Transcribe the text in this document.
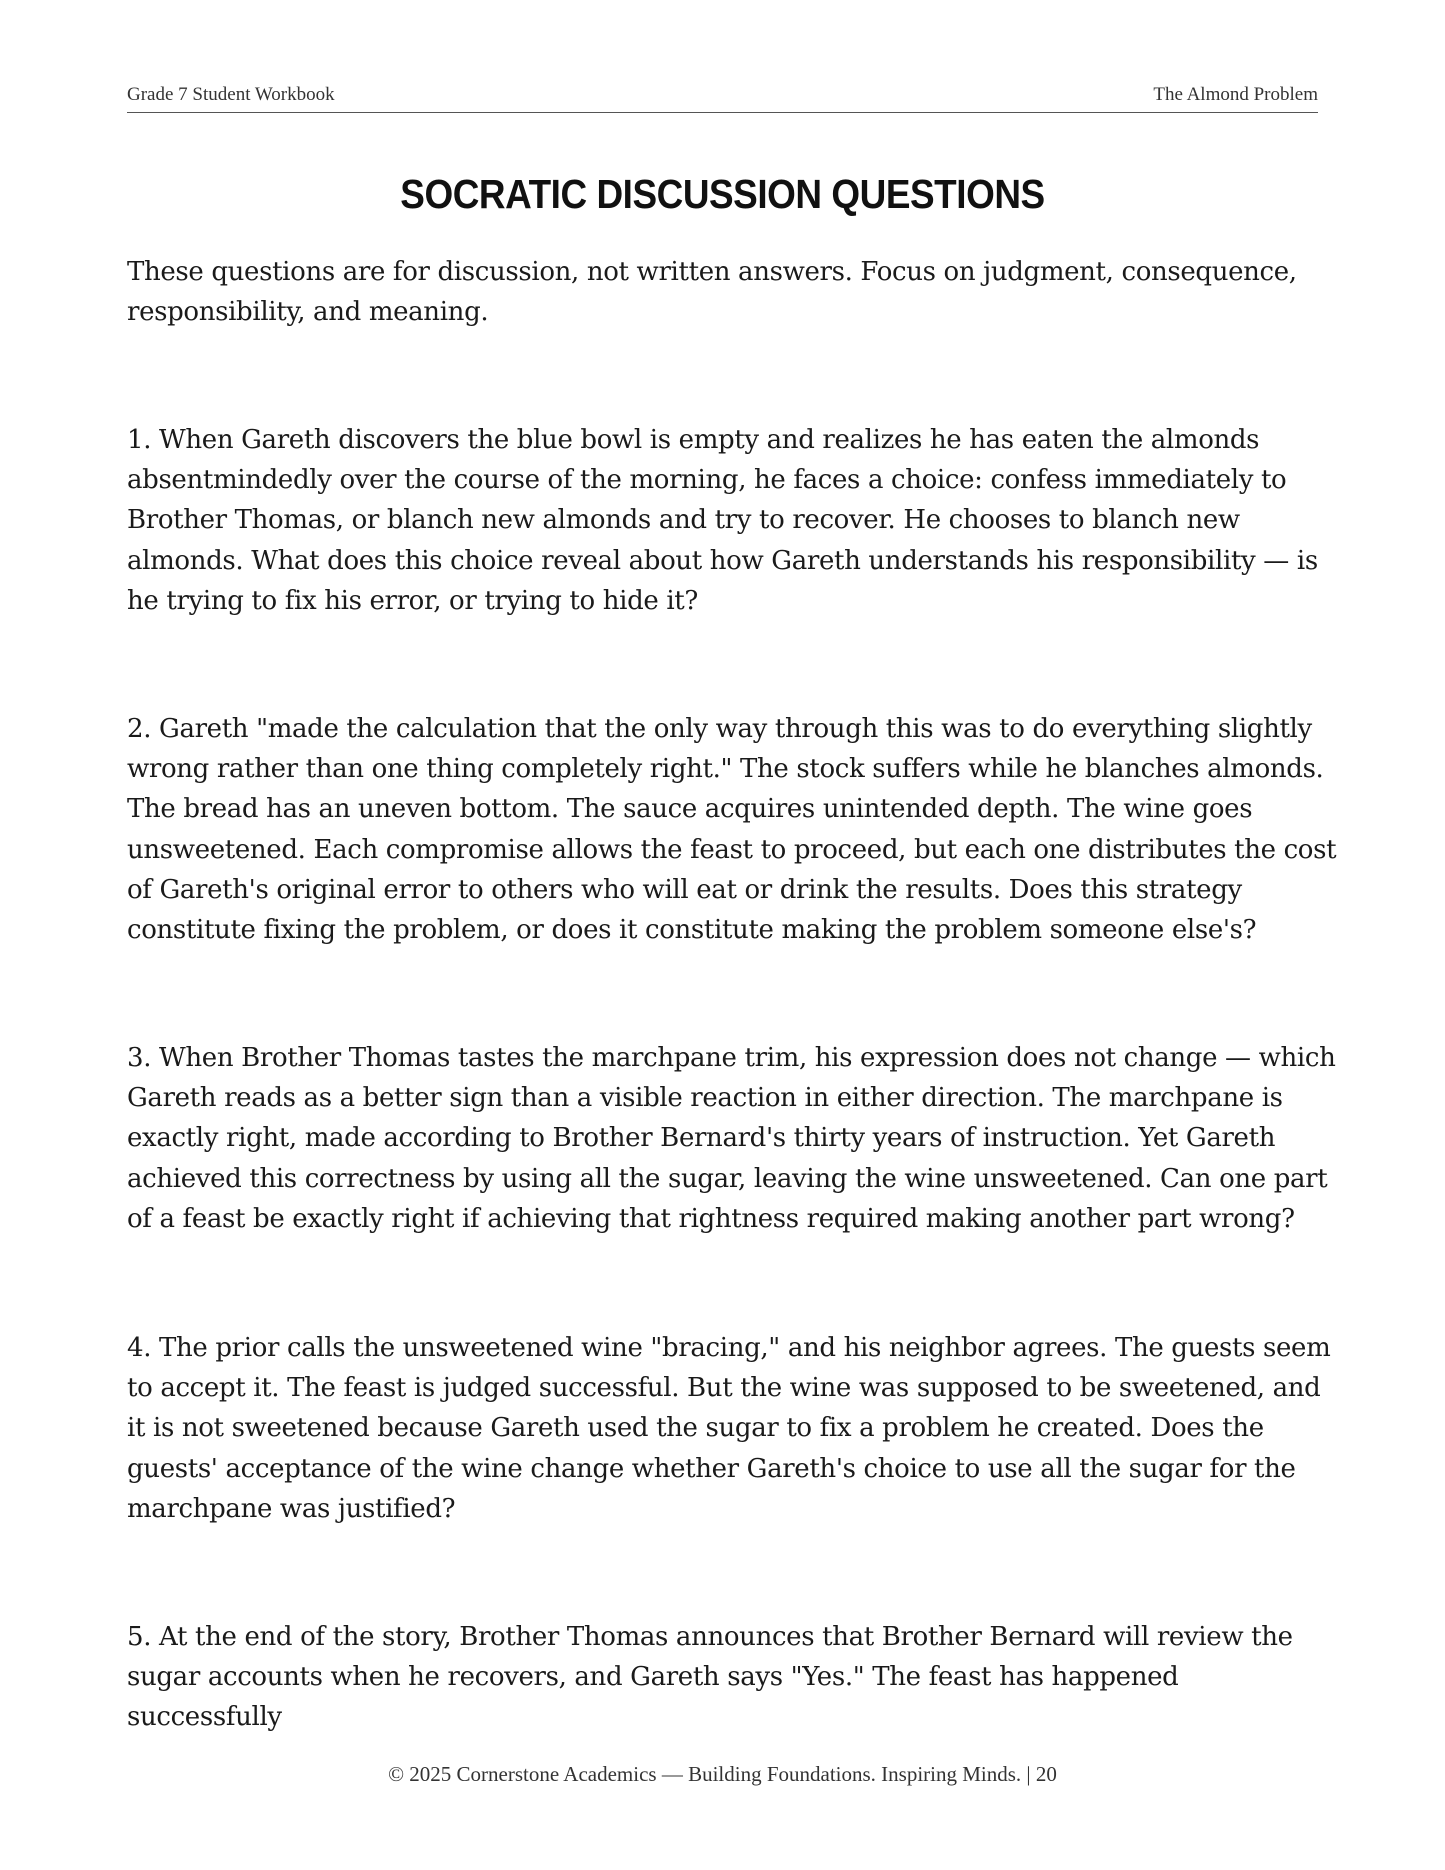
Grade 7 Student Workbook	The Almond Problem
SOCRATIC DISCUSSION QUESTIONS

These questions are for discussion, not written answers. Focus on judgment, consequence, responsibility, and meaning.

1. When Gareth discovers the blue bowl is empty and realizes he has eaten the almonds absentmindedly over the course of the morning, he faces a choice: confess immediately to Brother Thomas, or blanch new almonds and try to recover. He chooses to blanch new almonds. What does this choice reveal about how Gareth understands his responsibility — is he trying to fix his error, or trying to hide it?

2. Gareth "made the calculation that the only way through this was to do everything slightly wrong rather than one thing completely right." The stock suffers while he blanches almonds. The bread has an uneven bottom. The sauce acquires unintended depth. The wine goes unsweetened. Each compromise allows the feast to proceed, but each one distributes the cost of Gareth's original error to others who will eat or drink the results. Does this strategy constitute fixing the problem, or does it constitute making the problem someone else's?

3. When Brother Thomas tastes the marchpane trim, his expression does not change — which Gareth reads as a better sign than a visible reaction in either direction. The marchpane is exactly right, made according to Brother Bernard's thirty years of instruction. Yet Gareth achieved this correctness by using all the sugar, leaving the wine unsweetened. Can one part of a feast be exactly right if achieving that rightness required making another part wrong?

4. The prior calls the unsweetened wine "bracing," and his neighbor agrees. The guests seem to accept it. The feast is judged successful. But the wine was supposed to be sweetened, and it is not sweetened because Gareth used the sugar to fix a problem he created. Does the guests' acceptance of the wine change whether Gareth's choice to use all the sugar for the marchpane was justified?

5. At the end of the story, Brother Thomas announces that Brother Bernard will review the sugar accounts when he recovers, and Gareth says "Yes." The feast has happened successfully

© 2025 Cornerstone Academics — Building Foundations. Inspiring Minds. | 20
